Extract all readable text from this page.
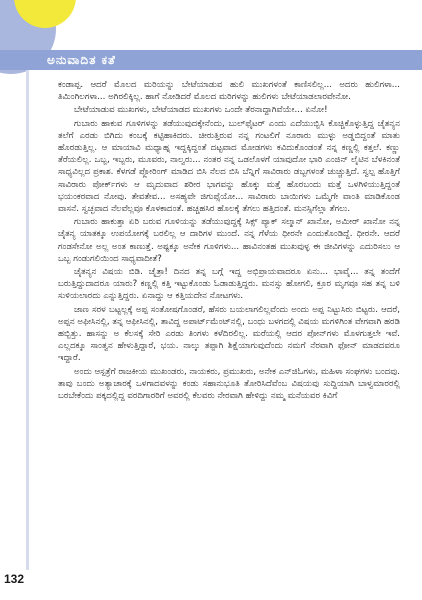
ಅನುವಾದಿತ ಕತೆ

ಕಂಡಾಪ್ಪ. ಆದರೆ ಮೊಲದ ಮರಿಯನ್ನು ಬೇಟೆಯಾಡುವ ಹುಲಿ ಮುಖಗಳಂತೆ ಕಾಣಿಸಲಿಲ್ಲ... ಅದರು ಹುಲಿಗಳಾ... ತಿಮಿಂಗಿಲಗಳಾ... ಅಗಿರಲಿಕ್ಕಿಲ್ಲ. ಹಾಗೆ ನೋಡಿದರೆ ಮೊಲದ ಮರಿಗಳನ್ನು ಹುಲಿಗಳು ಬೇಟೆಯಾಡಲಾರವೇನೋ.

ಬೇಟೆಯಾಡುವ ಮುಖಗಳು, ಬೇಟೆಯಾಡದ ಮುಖಗಳು ಒಂದೇ ತೆರನಾದ್ದಾಗಿವೆಯೇ... ಏನೋ!

ಗುಬಾರು ಹಾಕುವ ಗೂಳಿಗಳನ್ನು ತಡೆಯುವುದಕ್ಕೇನೆಂದು, ಬುಲ್‌ಫೈಟರ್ ಎಂದು ಎದೆಯುಬ್ಬಿಸಿ ಕೊಚ್ಚಿಕೊಳ್ಳುತ್ತಿದ್ದ ಚೈತನ್ಯನ ತಲೆಗೆ ಎರಡು ಬಿಗಿದು ಕಂಬಕ್ಕೆ ಕಟ್ಟಿಹಾಕಿದರು. ಚೀರುತ್ತಿರುವ ನನ್ನ ಗಂಟಲಿಗೆ ನೂರಾರು ಮುಳ್ಳು ಅಡ್ಡಬಿದ್ದಂತೆ ಮಾತು ಹೊರಡುತ್ತಿಲ್ಲ. ಆ ಮಾಯಾವಿ ಮಧ್ಯಾಹ್ನ ಇದ್ದಕ್ಕಿದ್ದಂತೆ ದಟ್ಟವಾದ ಮೋಡಗಳು ಕವಿದುಕೊಂಡಂತೆ ನನ್ನ ಕಣ್ಣಲ್ಲಿ ಕತ್ತಲೆ. ಕಣ್ಣು ತೆರೆಯಲಿಲ್ಲ. ಒಬ್ಬ, ಇಬ್ಬರು, ಮೂವರು, ನಾಲ್ವರು... ನಂತರ ನನ್ನ ಒಡಲೊಳಗೆ ಯಾವುದೋ ಭಾರಿ ಎಂಜಿನ್ ಲೈಟಿನ ಬೆಳಕಿನಂತೆ ಸಾಧ್ಯವಿಲ್ಲದ ಪ್ರಕಾಶ. ಕೆಳಗಡೆ ಪ್ಲೋರಿಂಗ್ ಮಾಡಿದ ಬಿಸಿ ನೆಲದ ಬಿಸಿ ಬೆನ್ನಿಗೆ ಸಾವಿರಾರು ಡಬ್ಬಗಳಂತೆ ಚುಚ್ಚುತ್ತಿದೆ. ಸ್ವಲ್ಪ ಹೊತ್ತಿಗೆ ಸಾವಿರಾರು ಪೋರ್ಕ್‌ಗಳು ಆ ಮೃದುವಾದ ಶರೀರ ಭಾಗವನ್ನು ಹೊಕ್ಕು ಮತ್ತೆ ಹೊರಬಂದು ಮತ್ತೆ ಒಳಗಿಳಿಯುತ್ತಿದ್ದಂತೆ ಭಯಂಕರವಾದ ನೋವು. ತೇವತೇವ... ಅಸಹ್ಯವೇ ಜಿಗುಪ್ಸೆಯೋ... ಸಾವಿರಾರು ಬಾಯಿಗಳು ಒಮ್ಮೆಗೇ ವಾಂತಿ ಮಾಡಿಕೊಂಡ ವಾಸನೆ. ಸ್ವಚ್ಛವಾದ ನೆಲವೆಲ್ಲವೂ ಕೊಳಕಾದಂತೆ. ಹಚ್ಚಹಸಿರ ಹೊಲಕ್ಕೆ ತೆಗಲು ಹತ್ತಿದಂತೆ. ಮನಸ್ಸಿಗೆಲ್ಲಾ ತೆಗಲು.

ಗುಬಾರು ಹಾಕುತ್ತಾ ಏರಿ ಬರುವ ಗೂಳಿಯನ್ನು ತಡೆಯುವುದ್ದಕ್ಕೆ ಸಿಕ್ಸ್ ಪ್ಯಾಕ್ ಸಲ್ಮಾನ್ ಖಾನೋ, ಅಮೀರ್ ಖಾನೋ ನನ್ನ ಚೈತನ್ಯ ಯಾತಕ್ಕೂ ಉಪಯೋಗಕ್ಕೆ ಬರಲಿಲ್ಲ ಆ ದಾರಿಗಳ ಮುಂದೆ. ನನ್ನ ಗೆಳೆಯ ಧೀರನೇ ಎಂದುಕೊಂಡಿದ್ದೆ. ಧೀರನೇ. ಆದರೆ ಗಂಡಸೇನೋ ಅಲ್ಲ ಅಂತ ಕಾಣುತ್ತೆ. ಅಷ್ಟಕ್ಕೂ ಅನೇಕ ಗೂಳಿಗಳು... ಹಾವಿನಂತಹ ಮುಖವುಳ್ಳ ಈ ಜೀವಿಗಳನ್ನು ಎದುರಿಸಲು ಆ ಒಬ್ಬ ಗಂಡುಗಲಿಯಿಂದ ಸಾಧ್ಯವಾದೀತೆ?

ಚೈತನ್ಯನ ವಿಷಯ ಬಿಡಿ. ಚೈತ್ರಾ! ದಿನದ ತನ್ನ ಬಗ್ಗೆ ಇದ್ದ ಅಭಿಪ್ರಾಯವಾದರೂ ಏನು... ಭಾವೈ... ತನ್ನ ತಂದೆಗೆ ಬರುತ್ತಿದ್ದುದಾದರೂ ಯಾರು? ಕಣ್ಣಲ್ಲಿ ಕತ್ತಿ ಇಟ್ಟುಕೊಂಡು ಓಡಾಡುತ್ತಿದ್ದರು. ಮನಸ್ಸು ಹೋಗಲಿ, ಕ್ರೂರ ಮೃಗವೂ ಸಹ ತನ್ನ ಬಳಿ ಸುಳಿಯಲಾರದು ಎನ್ನುತ್ತಿದ್ದರು. ಏನಾದ್ದು ಆ ಕತ್ತಿಯದೇನ ನೋಟಗಳು.

ಜಾಣ ಸರಳ ಬಟ್ಟಲ್ಲಕ್ಕೆ ಅಪ್ಪ ಸಂತೋಷಗೊಂಡರೆ, ಹೆಸರು ಬಯಲಾಗಲಿಲ್ಲವೆಂದು ಅಂದು ಅಪ್ಪ ನಿಟ್ಟುಸಿರು ಬಿಟ್ಟರು. ಆದರೆ, ಅಪ್ಪನ ಅಫೀಸಿನಲ್ಲಿ, ತನ್ನ ಆಫೀಸಿನಲ್ಲಿ, ತಾವಿದ್ದ ಅಪಾರ್ಟ್‌ಮೆಂಟ್‌ನಲ್ಲಿ, ಬಂಧು ಬಳಗದಲ್ಲಿ ವಿಷಯ ಮಗಳಿಗಿಂತ ವೇಗವಾಗಿ ಹರಡಿ ಹಬ್ಬಿತ್ತು. ಹಾಸನ್ನು ಅ ಕೆಲಸಕ್ಕೆ ಸೇರಿ ಎರಡು ತಿಂಗಳು ಕಳೆದಿರಲಿಲ್ಲ. ಮರೆಯಲ್ಲಿ ಆದರ ಪೋನ್‌ಗಳು ಮೊಳಗುತ್ತಲೇ ಇವೆ. ಎಲ್ಲದಕ್ಕೂ ಸಾಂತ್ವನ ಹೇಳುತ್ತಿದ್ದಾರೆ, ಭಯ. ನಾಲ್ಕು ತಪ್ಪಾಗಿ ಶಿಕ್ಷೆಯಾಗುವುದೆಂದು ನಮಗೆ ನೆರವಾಗಿ ಫೋನ್ ಮಾಡದವರೂ ಇದ್ದಾರೆ.

ಅಂದು ಆಸ್ಪತ್ರೆಗೆ ರಾಜಕೀಯ ಮುಖಂಡರು, ನಾಯಕರು, ಪ್ರಮುಖರು, ಅನೇಕ ಎನ್‌ಜಿಓಗಳು, ಮಹಿಳಾ ಸಂಘಗಳು ಬಂದವು. ತಾವು ಬಂದು ಅತ್ಯಾಚಾರಕ್ಕೆ ಒಳಗಾದವಳನ್ನು ಕಂಡು ಸಹಾನುಭೂತಿ ತೋರಿಸಿದೆವೆಂಬ ವಿಷಯವು ಸುದ್ದಿಯಾಗಿ ಬಾಳ್ವಮಾರರಲ್ಲಿ ಬರಬೇಕೆಂದು ಪಕ್ಕದಲ್ಲಿದ್ದ ವರದಿಗಾರರಿಗೆ ಅವರಲ್ಲಿ ಕೆಲವರು ನೇರವಾಗಿ ಹೇಳಿದ್ದು ನಮ್ಮ ಮನೆಯವರ ಕಿವಿಗೆ

132
